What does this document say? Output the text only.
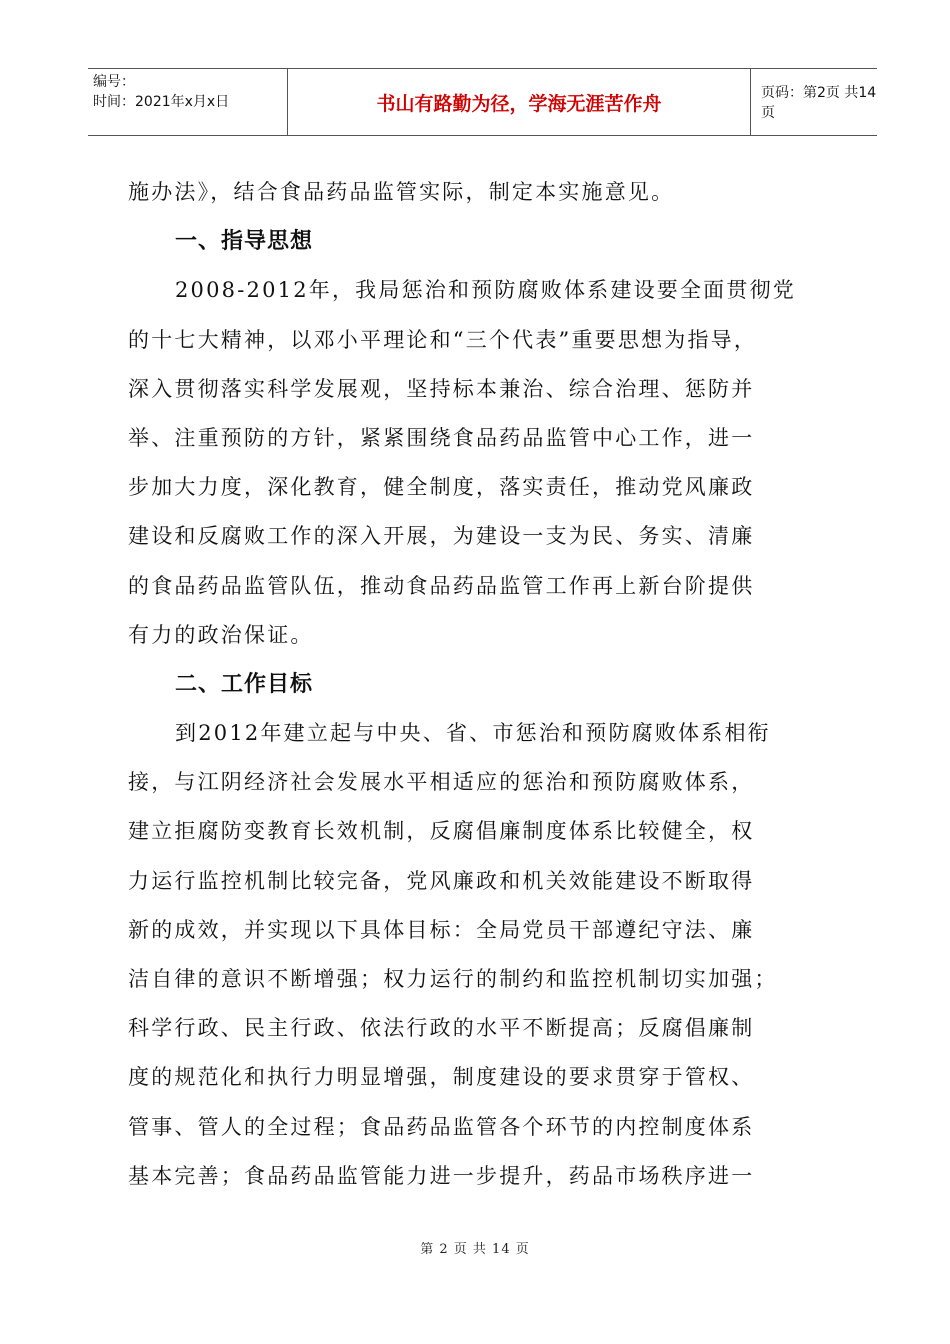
编号：
时间：2021年x月x日	书山有路勤为径，学海无涯苦作舟	页码：第2页 共14页
施办法》，结合食品药品监管实际，制定本实施意见。
一、指导思想
2008-2012年，我局惩治和预防腐败体系建设要全面贯彻党
的十七大精神，以邓小平理论和“三个代表”重要思想为指导，
深入贯彻落实科学发展观，坚持标本兼治、综合治理、惩防并
举、注重预防的方针，紧紧围绕食品药品监管中心工作，进一
步加大力度，深化教育，健全制度，落实责任，推动党风廉政
建设和反腐败工作的深入开展，为建设一支为民、务实、清廉
的食品药品监管队伍，推动食品药品监管工作再上新台阶提供
有力的政治保证。
二、工作目标
到2012年建立起与中央、省、市惩治和预防腐败体系相衔
接，与江阴经济社会发展水平相适应的惩治和预防腐败体系，
建立拒腐防变教育长效机制，反腐倡廉制度体系比较健全，权
力运行监控机制比较完备，党风廉政和机关效能建设不断取得
新的成效，并实现以下具体目标：全局党员干部遵纪守法、廉
洁自律的意识不断增强；权力运行的制约和监控机制切实加强；
科学行政、民主行政、依法行政的水平不断提高；反腐倡廉制
度的规范化和执行力明显增强，制度建设的要求贯穿于管权、
管事、管人的全过程；食品药品监管各个环节的内控制度体系
基本完善；食品药品监管能力进一步提升，药品市场秩序进一
第 2 页 共 14 页
